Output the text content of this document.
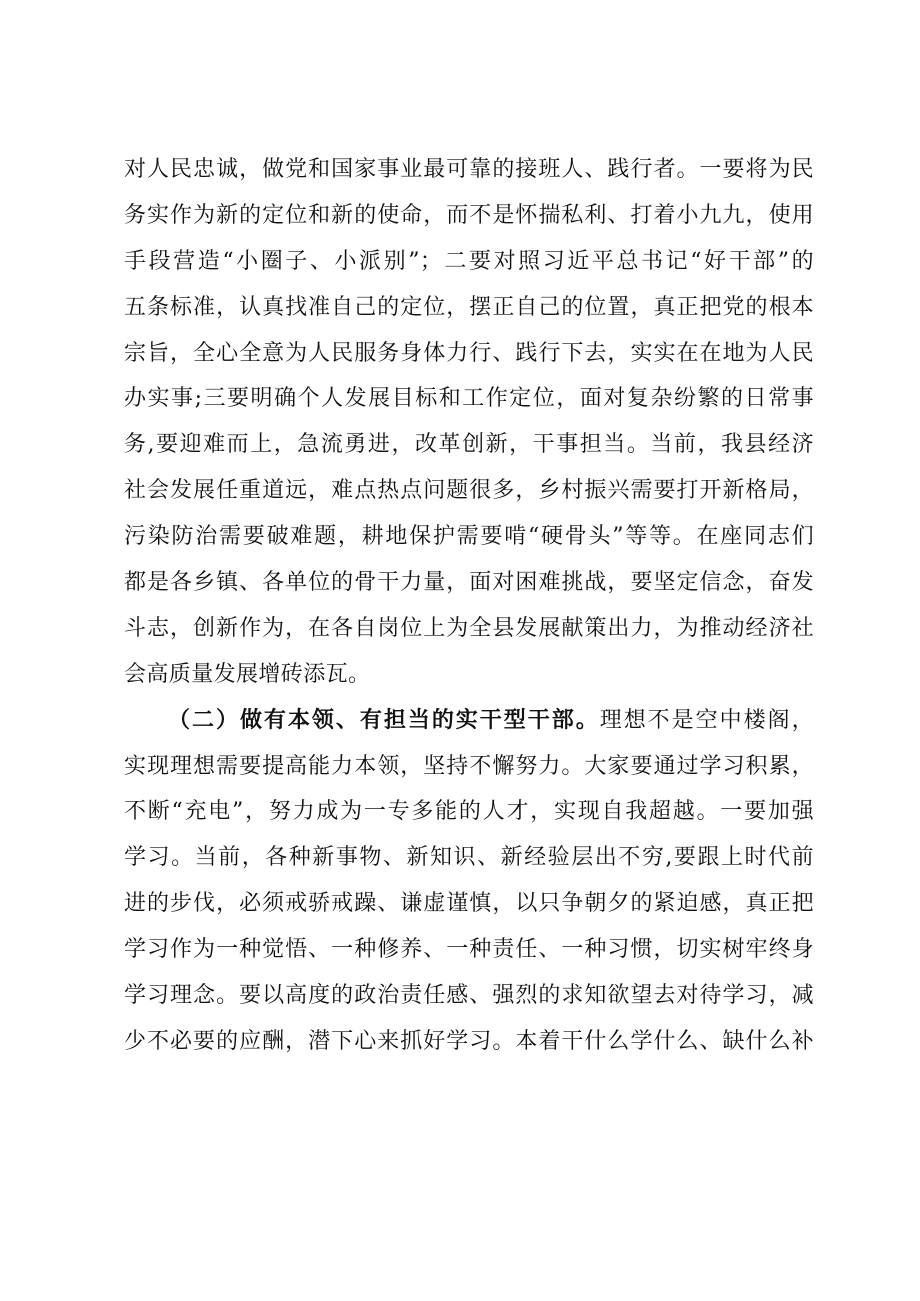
对人民忠诚，做党和国家事业最可靠的接班人、践行者。一要将为民
务实作为新的定位和新的使命，而不是怀揣私利、打着小九九，使用
手段营造“小圈子、小派别”；二要对照习近平总书记“好干部”的
五条标准，认真找准自己的定位，摆正自己的位置，真正把党的根本
宗旨，全心全意为人民服务身体力行、践行下去，实实在在地为人民
办实事;三要明确个人发展目标和工作定位，面对复杂纷繁的日常事
务,要迎难而上，急流勇进，改革创新，干事担当。当前，我县经济
社会发展任重道远，难点热点问题很多，乡村振兴需要打开新格局，
污染防治需要破难题，耕地保护需要啃“硬骨头”等等。在座同志们
都是各乡镇、各单位的骨干力量，面对困难挑战，要坚定信念，奋发
斗志，创新作为，在各自岗位上为全县发展献策出力，为推动经济社
会高质量发展增砖添瓦。
（二）做有本领、有担当的实干型干部。理想不是空中楼阁，
实现理想需要提高能力本领，坚持不懈努力。大家要通过学习积累，
不断“充电”，努力成为一专多能的人才，实现自我超越。一要加强
学习。当前，各种新事物、新知识、新经验层出不穷,要跟上时代前
进的步伐，必须戒骄戒躁、谦虚谨慎，以只争朝夕的紧迫感，真正把
学习作为一种觉悟、一种修养、一种责任、一种习惯，切实树牢终身
学习理念。要以高度的政治责任感、强烈的求知欲望去对待学习，减
少不必要的应酬，潜下心来抓好学习。本着干什么学什么、缺什么补
